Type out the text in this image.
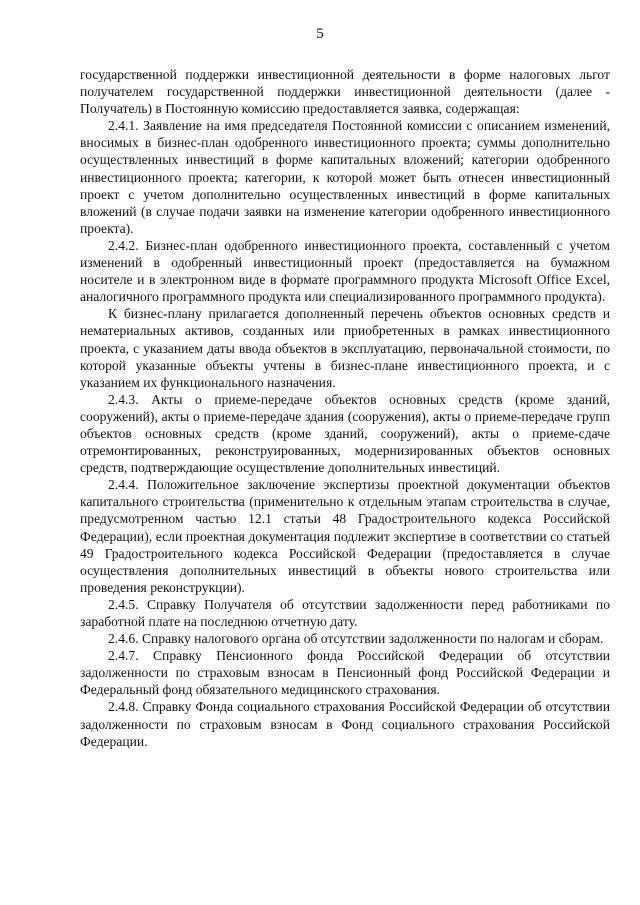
5

государственной поддержки инвестиционной деятельности в форме налоговых льгот получателем государственной поддержки инвестиционной деятельности (далее - Получатель) в Постоянную комиссию предоставляется заявка, содержащая:

2.4.1. Заявление на имя председателя Постоянной комиссии с описанием изменений, вносимых в бизнес-план одобренного инвестиционного проекта; суммы дополнительно осуществленных инвестиций в форме капитальных вложений; категории одобренного инвестиционного проекта; категории, к которой может быть отнесен инвестиционный проект с учетом дополнительно осуществленных инвестиций в форме капитальных вложений (в случае подачи заявки на изменение категории одобренного инвестиционного проекта).

2.4.2. Бизнес-план одобренного инвестиционного проекта, составленный с учетом изменений в одобренный инвестиционный проект (предоставляется на бумажном носителе и в электронном виде в формате программного продукта Microsoft Office Excel, аналогичного программного продукта или специализированного программного продукта).

К бизнес-плану прилагается дополненный перечень объектов основных средств и нематериальных активов, созданных или приобретенных в рамках инвестиционного проекта, с указанием даты ввода объектов в эксплуатацию, первоначальной стоимости, по которой указанные объекты учтены в бизнес-плане инвестиционного проекта, и с указанием их функционального назначения.

2.4.3. Акты о приеме-передаче объектов основных средств (кроме зданий, сооружений), акты о приеме-передаче здания (сооружения), акты о приеме-передаче групп объектов основных средств (кроме зданий, сооружений), акты о приеме-сдаче отремонтированных, реконструированных, модернизированных объектов основных средств, подтверждающие осуществление дополнительных инвестиций.

2.4.4. Положительное заключение экспертизы проектной документации объектов капитального строительства (применительно к отдельным этапам строительства в случае, предусмотренном частью 12.1 статьи 48 Градостроительного кодекса Российской Федерации), если проектная документация подлежит экспертизе в соответствии со статьей 49 Градостроительного кодекса Российской Федерации (предоставляется в случае осуществления дополнительных инвестиций в объекты нового строительства или проведения реконструкции).

2.4.5. Справку Получателя об отсутствии задолженности перед работниками по заработной плате на последнюю отчетную дату.

2.4.6. Справку налогового органа об отсутствии задолженности по налогам и сборам.

2.4.7. Справку Пенсионного фонда Российской Федерации об отсутствии задолженности по страховым взносам в Пенсионный фонд Российской Федерации и Федеральный фонд обязательного медицинского страхования.

2.4.8. Справку Фонда социального страхования Российской Федерации об отсутствии задолженности по страховым взносам в Фонд социального страхования Российской Федерации.
